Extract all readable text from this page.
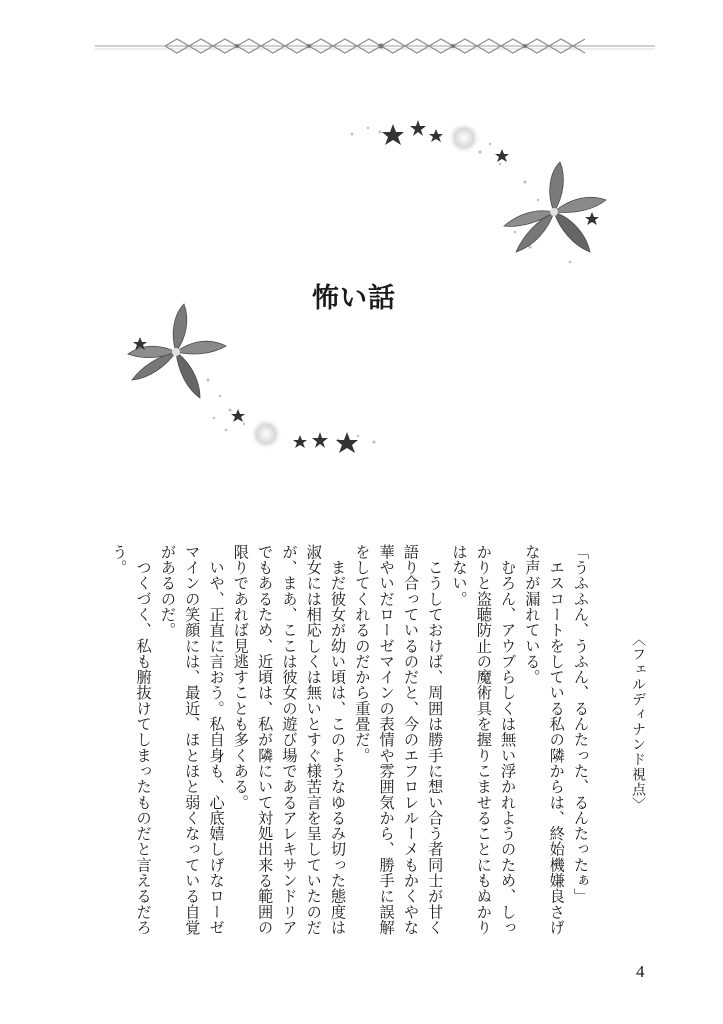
怖い話
〈フェルディナンド視点〉

「うふふん、うふん、るんたった、るんたったぁ」

　エスコートをしている私の隣からは、終始機嫌良さげな声が漏れている。

　むろん、アウブらしくは無い浮かれようのため、しっかりと盗聴防止の魔術具を握りこませることにもぬかりはない。

　こうしておけば、周囲は勝手に想い合う者同士が甘く語り合っているのだと、今のエフロレルーメもかくやな華やいだローゼマインの表情や雰囲気から、勝手に誤解をしてくれるのだから重畳だ。

　まだ彼女が幼い頃は、このようなゆるみ切った態度は淑女には相応しくは無いとすぐ様苦言を呈していたのだが、まあ、ここは彼女の遊び場であるアレキサンドリアでもあるため、近頃は、私が隣にいて対処出来る範囲の限りであれば見逃すことも多くある。

　いや、正直に言おう。私自身も、心底嬉しげなローゼマインの笑顔には、最近、ほとほと弱くなっている自覚があるのだ。

　つくづく、私も腑抜けてしまったものだと言えるだろう。

4
